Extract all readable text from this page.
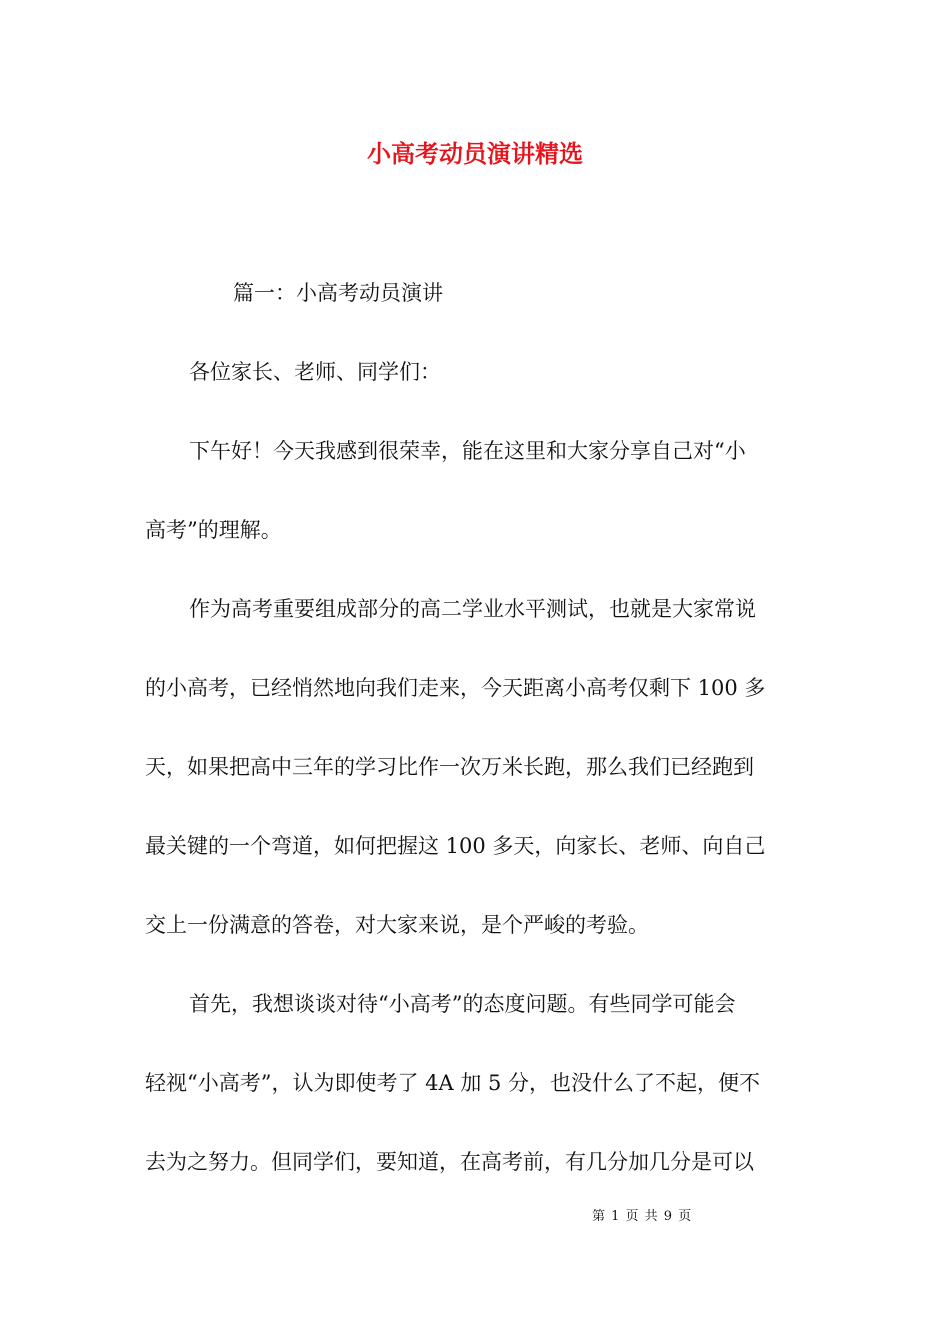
小高考动员演讲精选
篇一：小高考动员演讲
各位家长、老师、同学们：
下午好！今天我感到很荣幸，能在这里和大家分享自己对“小
高考”的理解。
作为高考重要组成部分的高二学业水平测试，也就是大家常说
的小高考，已经悄然地向我们走来，今天距离小高考仅剩下 100 多
天，如果把高中三年的学习比作一次万米长跑，那么我们已经跑到
最关键的一个弯道，如何把握这 100 多天，向家长、老师、向自己
交上一份满意的答卷，对大家来说，是个严峻的考验。
首先，我想谈谈对待“小高考”的态度问题。有些同学可能会
轻视“小高考”，认为即使考了 4A 加 5 分，也没什么了不起，便不
去为之努力。但同学们，要知道，在高考前，有几分加几分是可以
第 1 页 共 9 页
